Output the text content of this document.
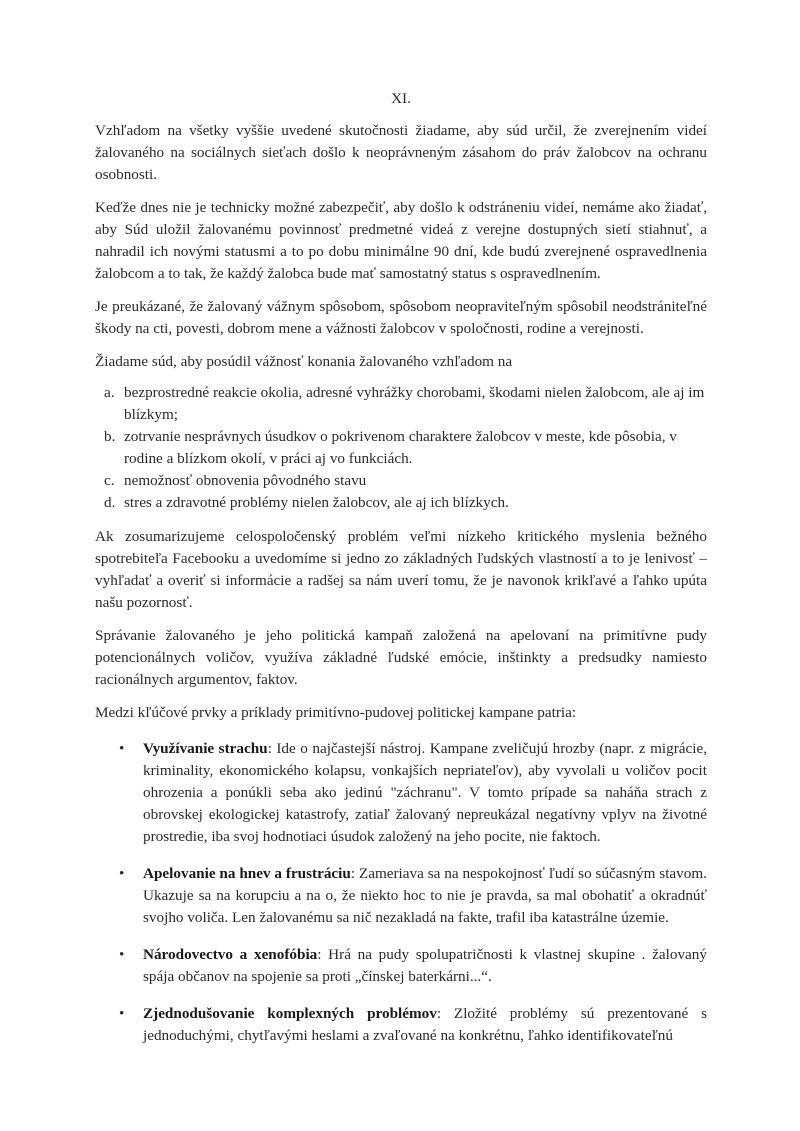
XI.

Vzhľadom na všetky vyššie uvedené skutočnosti žiadame, aby súd určil, že zverejnením videí žalovaného na sociálnych sieťach došlo k neoprávneným zásahom do práv žalobcov na ochranu osobnosti.

Keďže dnes nie je technicky možné zabezpečiť, aby došlo k odstráneniu videí, nemáme ako žiadať, aby Súd uložil žalovanému povinnosť predmetné videá z verejne dostupných sietí stiahnuť, a nahradil ich novými statusmi a to po dobu minimálne 90 dní, kde budú zverejnené ospravedlnenia žalobcom a to tak, že každý žalobca bude mať samostatný status s ospravedlnením.

Je preukázané, že žalovaný vážnym spôsobom, spôsobom neopraviteľným spôsobil neodstrániteľné škody na cti, povesti, dobrom mene a vážnosti žalobcov v spoločnosti, rodine a verejnosti.

Žiadame súd, aby posúdil vážnosť konania žalovaného vzhľadom na

a. bezprostredné reakcie okolia, adresné vyhrážky chorobami, škodami nielen žalobcom, ale aj im blízkym;
b. zotrvanie nesprávnych úsudkov o pokrivenom charaktere žalobcov v meste, kde pôsobia, v rodine a blízkom okolí, v práci aj vo funkciách.
c. nemožnosť obnovenia pôvodného stavu
d. stres a zdravotné problémy nielen žalobcov, ale aj ich blízkych.

Ak zosumarizujeme celospoločenský problém veľmi nízkeho kritického myslenia bežného spotrebiteľa Facebooku a uvedomíme si jedno zo základných ľudských vlastností a to je lenivosť – vyhľadať a overiť si informácie a radšej sa nám uverí tomu, že je navonok krikľavé a ľahko upúta našu pozornosť.

Správanie žalovaného je jeho politická kampaň založená na apelovaní na primitívne pudy potencionálnych voličov, využíva základné ľudské emócie, inštinkty a predsudky namiesto racionálnych argumentov, faktov.

Medzi kľúčové prvky a príklady primitívno-pudovej politickej kampane patria:

• Využívanie strachu: Ide o najčastejší nástroj. Kampane zveličujú hrozby (napr. z migrácie, kriminality, ekonomického kolapsu, vonkajších nepriateľov), aby vyvolali u voličov pocit ohrozenia a ponúkli seba ako jedinú "záchranu". V tomto prípade sa naháňa strach z obrovskej ekologickej katastrofy, zatiaľ žalovaný nepreukázal negatívny vplyv na životné prostredie, iba svoj hodnotiaci úsudok založený na jeho pocite, nie faktoch.
• Apelovanie na hnev a frustráciu: Zameriava sa na nespokojnosť ľudí so súčasným stavom. Ukazuje sa na korupciu a na o, že niekto hoc to nie je pravda, sa mal obohatiť a okradnúť svojho voliča. Len žalovanému sa nič nezakladá na fakte, trafil iba katastrálne územie.
• Národovectvo a xenofóbia: Hrá na pudy spolupatričnosti k vlastnej skupine . žalovaný spája občanov na spojenie sa proti „čínskej baterkárni...“.
• Zjednodušovanie komplexných problémov: Zložité problémy sú prezentované s jednoduchými, chytľavými heslami a zvaľované na konkrétnu, ľahko identifikovateľnú
